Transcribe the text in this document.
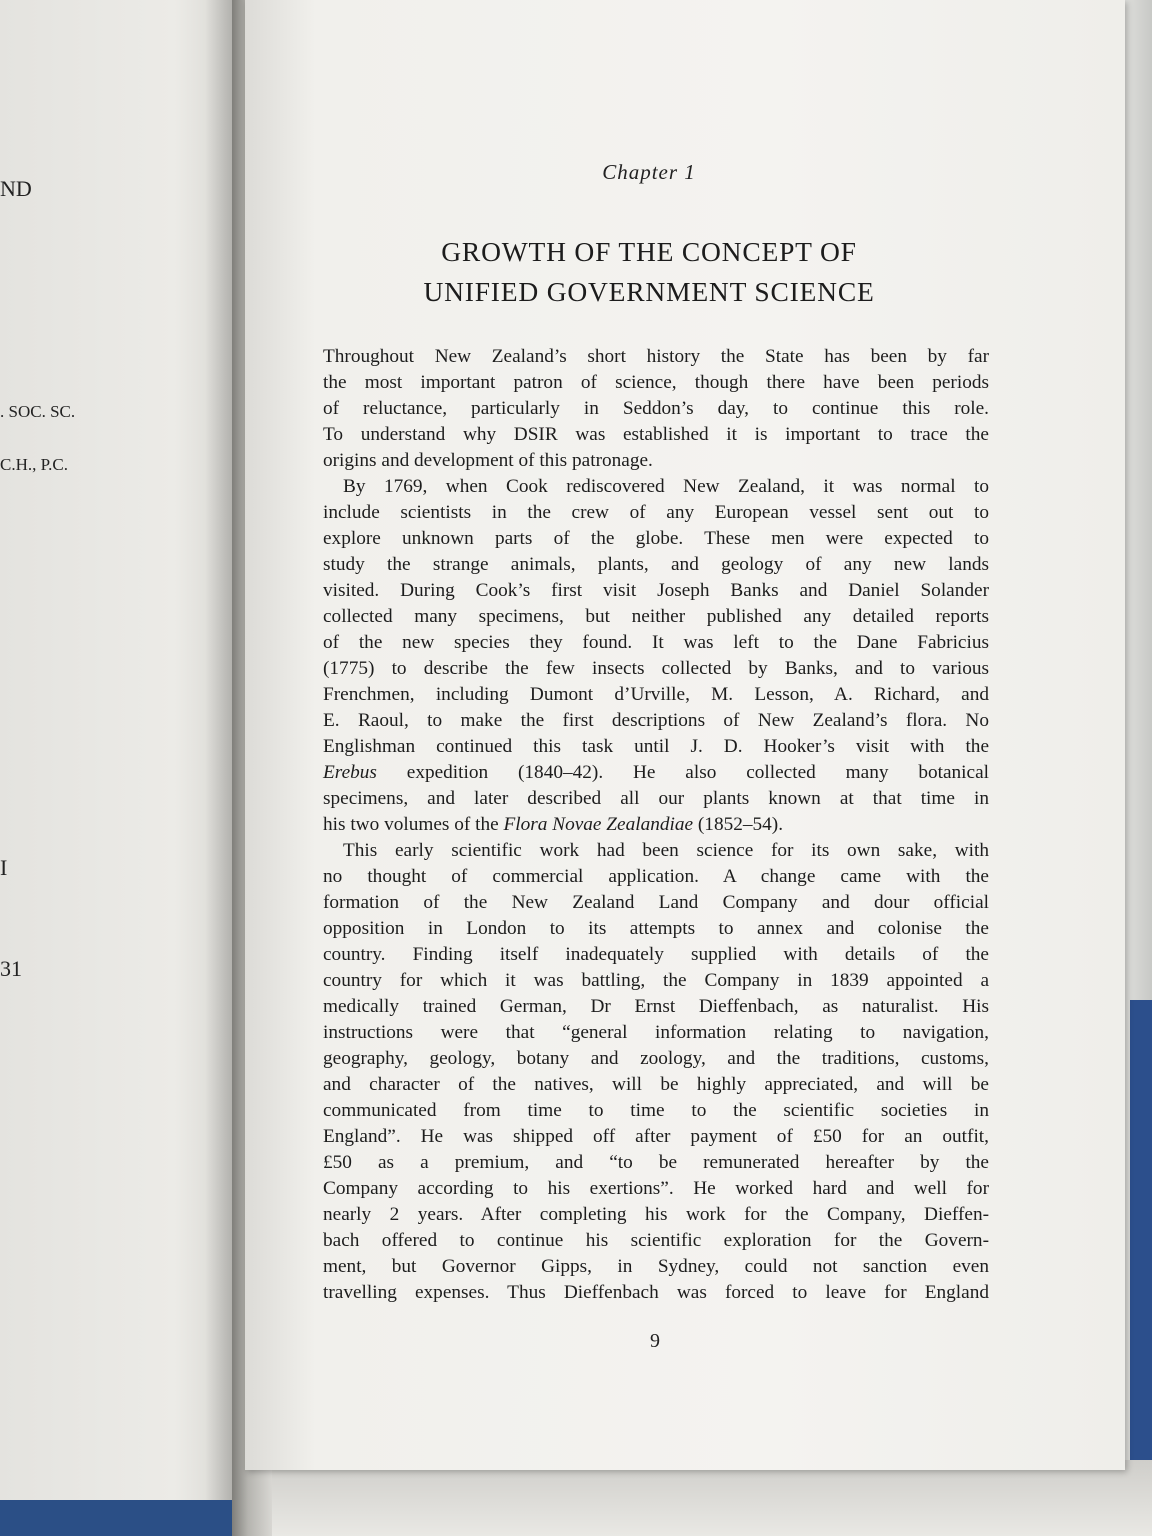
ND
. SOC. SC.
C.H., P.C.
I
31
Chapter 1
GROWTH OF THE CONCEPT OF
UNIFIED GOVERNMENT SCIENCE
Throughout New Zealand’s short history the State has been by far
the most important patron of science, though there have been periods
of reluctance, particularly in Seddon’s day, to continue this role.
To understand why DSIR was established it is important to trace the
origins and development of this patronage.
By 1769, when Cook rediscovered New Zealand, it was normal to
include scientists in the crew of any European vessel sent out to
explore unknown parts of the globe. These men were expected to
study the strange animals, plants, and geology of any new lands
visited. During Cook’s first visit Joseph Banks and Daniel Solander
collected many specimens, but neither published any detailed reports
of the new species they found. It was left to the Dane Fabricius
(1775) to describe the few insects collected by Banks, and to various
Frenchmen, including Dumont d’Urville, M. Lesson, A. Richard, and
E. Raoul, to make the first descriptions of New Zealand’s flora. No
Englishman continued this task until J. D. Hooker’s visit with the
Erebus expedition (1840–42). He also collected many botanical
specimens, and later described all our plants known at that time in
his two volumes of the Flora Novae Zealandiae (1852–54).
This early scientific work had been science for its own sake, with
no thought of commercial application. A change came with the
formation of the New Zealand Land Company and dour official
opposition in London to its attempts to annex and colonise the
country. Finding itself inadequately supplied with details of the
country for which it was battling, the Company in 1839 appointed a
medically trained German, Dr Ernst Dieffenbach, as naturalist. His
instructions were that “general information relating to navigation,
geography, geology, botany and zoology, and the traditions, customs,
and character of the natives, will be highly appreciated, and will be
communicated from time to time to the scientific societies in
England”. He was shipped off after payment of £50 for an outfit,
£50 as a premium, and “to be remunerated hereafter by the
Company according to his exertions”. He worked hard and well for
nearly 2 years. After completing his work for the Company, Dieffen-
bach offered to continue his scientific exploration for the Govern-
ment, but Governor Gipps, in Sydney, could not sanction even
travelling expenses. Thus Dieffenbach was forced to leave for England
9
